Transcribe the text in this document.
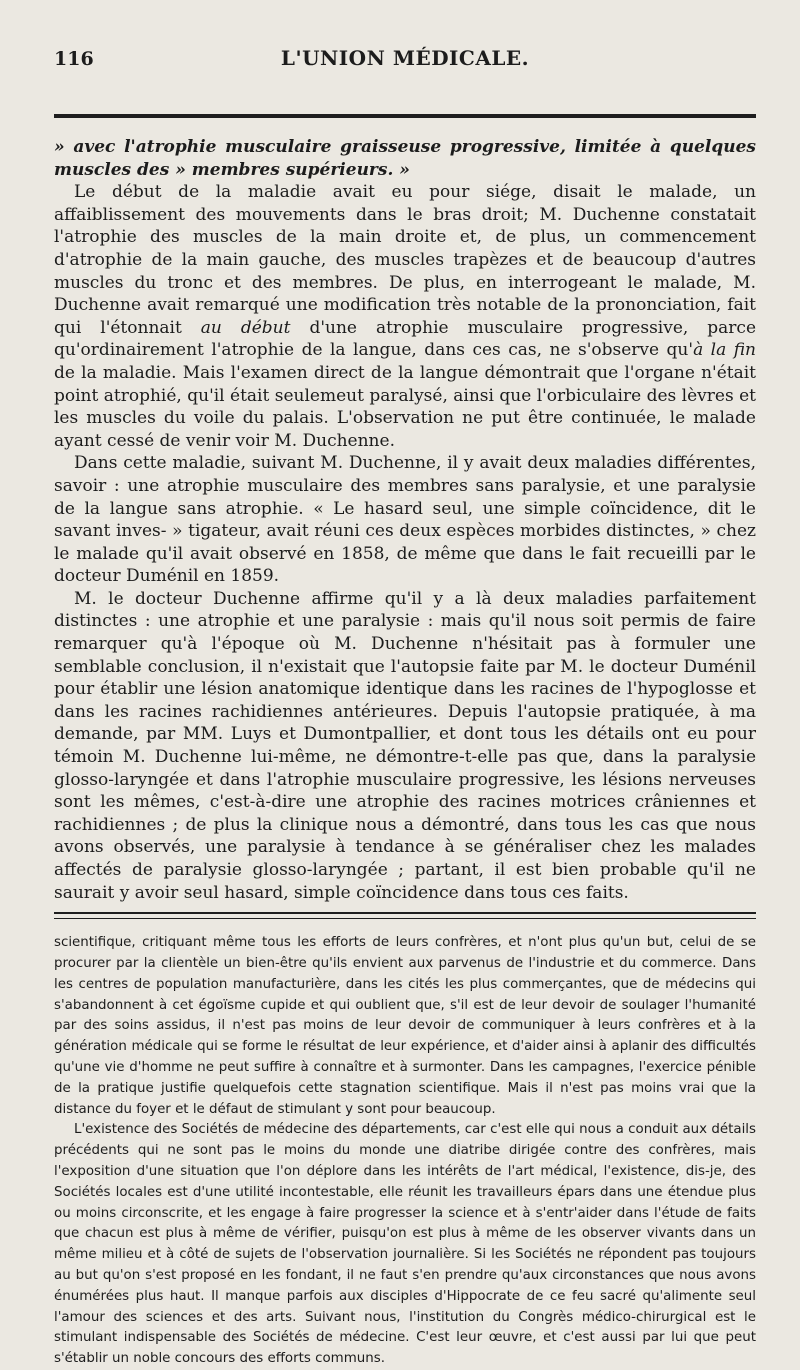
116	L'UNION MÉDICALE.

» avec l'atrophie musculaire graisseuse progressive, limitée à quelques muscles des » membres supérieurs. »

Le début de la maladie avait eu pour siége, disait le malade, un affaiblissement des mouvements dans le bras droit; M. Duchenne constatait l'atrophie des muscles de la main droite et, de plus, un commencement d'atrophie de la main gauche, des muscles trapèzes et de beaucoup d'autres muscles du tronc et des membres. De plus, en interrogeant le malade, M. Duchenne avait remarqué une modification très notable de la prononciation, fait qui l'étonnait au début d'une atrophie musculaire progressive, parce qu'ordinairement l'atrophie de la langue, dans ces cas, ne s'observe qu'à la fin de la maladie. Mais l'examen direct de la langue démontrait que l'organe n'était point atrophié, qu'il était seulemeut paralysé, ainsi que l'orbiculaire des lèvres et les muscles du voile du palais. L'observation ne put être continuée, le malade ayant cessé de venir voir M. Duchenne.

Dans cette maladie, suivant M. Duchenne, il y avait deux maladies différentes, savoir : une atrophie musculaire des membres sans paralysie, et une paralysie de la langue sans atrophie. « Le hasard seul, une simple coïncidence, dit le savant inves- » tigateur, avait réuni ces deux espèces morbides distinctes, » chez le malade qu'il avait observé en 1858, de même que dans le fait recueilli par le docteur Duménil en 1859.

M. le docteur Duchenne affirme qu'il y a là deux maladies parfaitement distinctes : une atrophie et une paralysie : mais qu'il nous soit permis de faire remarquer qu'à l'époque où M. Duchenne n'hésitait pas à formuler une semblable conclusion, il n'existait que l'autopsie faite par M. le docteur Duménil pour établir une lésion anatomique identique dans les racines de l'hypoglosse et dans les racines rachidiennes antérieures. Depuis l'autopsie pratiquée, à ma demande, par MM. Luys et Dumontpallier, et dont tous les détails ont eu pour témoin M. Duchenne lui-même, ne démontre-t-elle pas que, dans la paralysie glosso-laryngée et dans l'atrophie musculaire progressive, les lésions nerveuses sont les mêmes, c'est-à-dire une atrophie des racines motrices crâniennes et rachidiennes ; de plus la clinique nous a démontré, dans tous les cas que nous avons observés, une paralysie à tendance à se généraliser chez les malades affectés de paralysie glosso-laryngée ; partant, il est bien probable qu'il ne saurait y avoir seul hasard, simple coïncidence dans tous ces faits.

scientifique, critiquant même tous les efforts de leurs confrères, et n'ont plus qu'un but, celui de se procurer par la clientèle un bien-être qu'ils envient aux parvenus de l'industrie et du commerce. Dans les centres de population manufacturière, dans les cités les plus commerçantes, que de médecins qui s'abandonnent à cet égoïsme cupide et qui oublient que, s'il est de leur devoir de soulager l'humanité par des soins assidus, il n'est pas moins de leur devoir de communiquer à leurs confrères et à la génération médicale qui se forme le résultat de leur expérience, et d'aider ainsi à aplanir des difficultés qu'une vie d'homme ne peut suffire à connaître et à surmonter. Dans les campagnes, l'exercice pénible de la pratique justifie quelquefois cette stagnation scientifique. Mais il n'est pas moins vrai que la distance du foyer et le défaut de stimulant y sont pour beaucoup.

L'existence des Sociétés de médecine des départements, car c'est elle qui nous a conduit aux détails précédents qui ne sont pas le moins du monde une diatribe dirigée contre des confrères, mais l'exposition d'une situation que l'on déplore dans les intérêts de l'art médical, l'existence, dis-je, des Sociétés locales est d'une utilité incontestable, elle réunit les travailleurs épars dans une étendue plus ou moins circonscrite, et les engage à faire progresser la science et à s'entr'aider dans l'étude de faits que chacun est plus à même de vérifier, puisqu'on est plus à même de les observer vivants dans un même milieu et à côté de sujets de l'observation journalière. Si les Sociétés ne répondent pas toujours au but qu'on s'est proposé en les fondant, il ne faut s'en prendre qu'aux circonstances que nous avons énumérées plus haut. Il manque parfois aux disciples d'Hippocrate de ce feu sacré qu'alimente seul l'amour des sciences et des arts. Suivant nous, l'institution du Congrès médico-chirurgical est le stimulant indispensable des Sociétés de médecine. C'est leur œuvre, et c'est aussi par lui que peut s'établir un noble concours des efforts communs.
